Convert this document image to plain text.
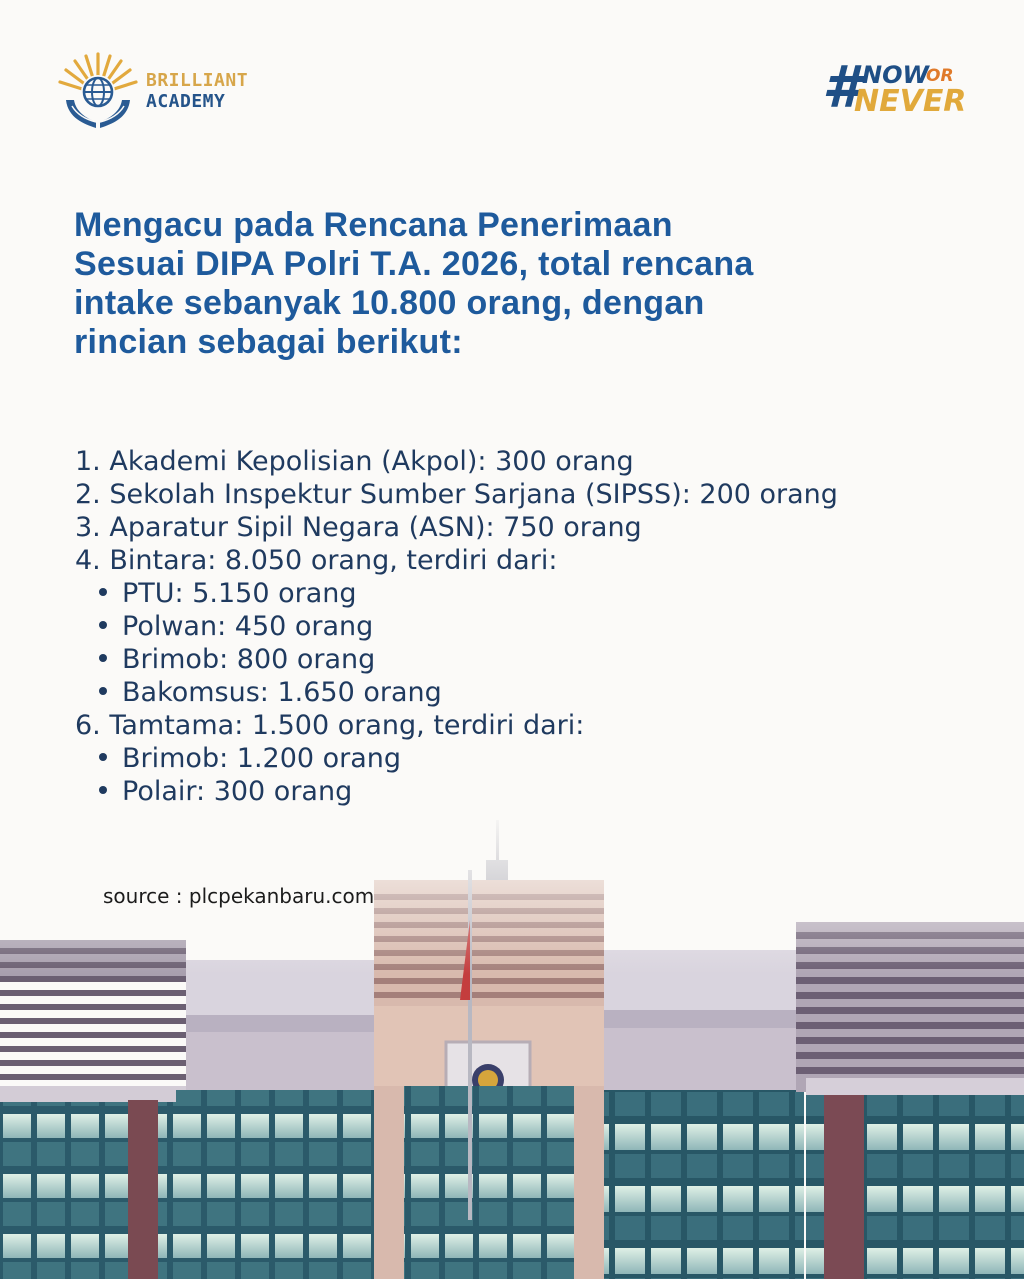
BRILLIANT
ACADEMY	# NOW
OR
NEVER
Mengacu pada Rencana Penerimaan
Sesuai DIPA Polri T.A. 2026, total rencana
intake sebanyak 10.800 orang, dengan
rincian sebagai berikut:
1. Akademi Kepolisian (Akpol): 300 orang
2. Sekolah Inspektur Sumber Sarjana (SIPSS): 200 orang
3. Aparatur Sipil Negara (ASN): 750 orang
4. Bintara: 8.050 orang, terdiri dari:
PTU: 5.150 orang
Polwan: 450 orang
Brimob: 800 orang
Bakomsus: 1.650 orang
6. Tamtama: 1.500 orang, terdiri dari:
Brimob: 1.200 orang
Polair: 300 orang
source : plcpekanbaru.com
